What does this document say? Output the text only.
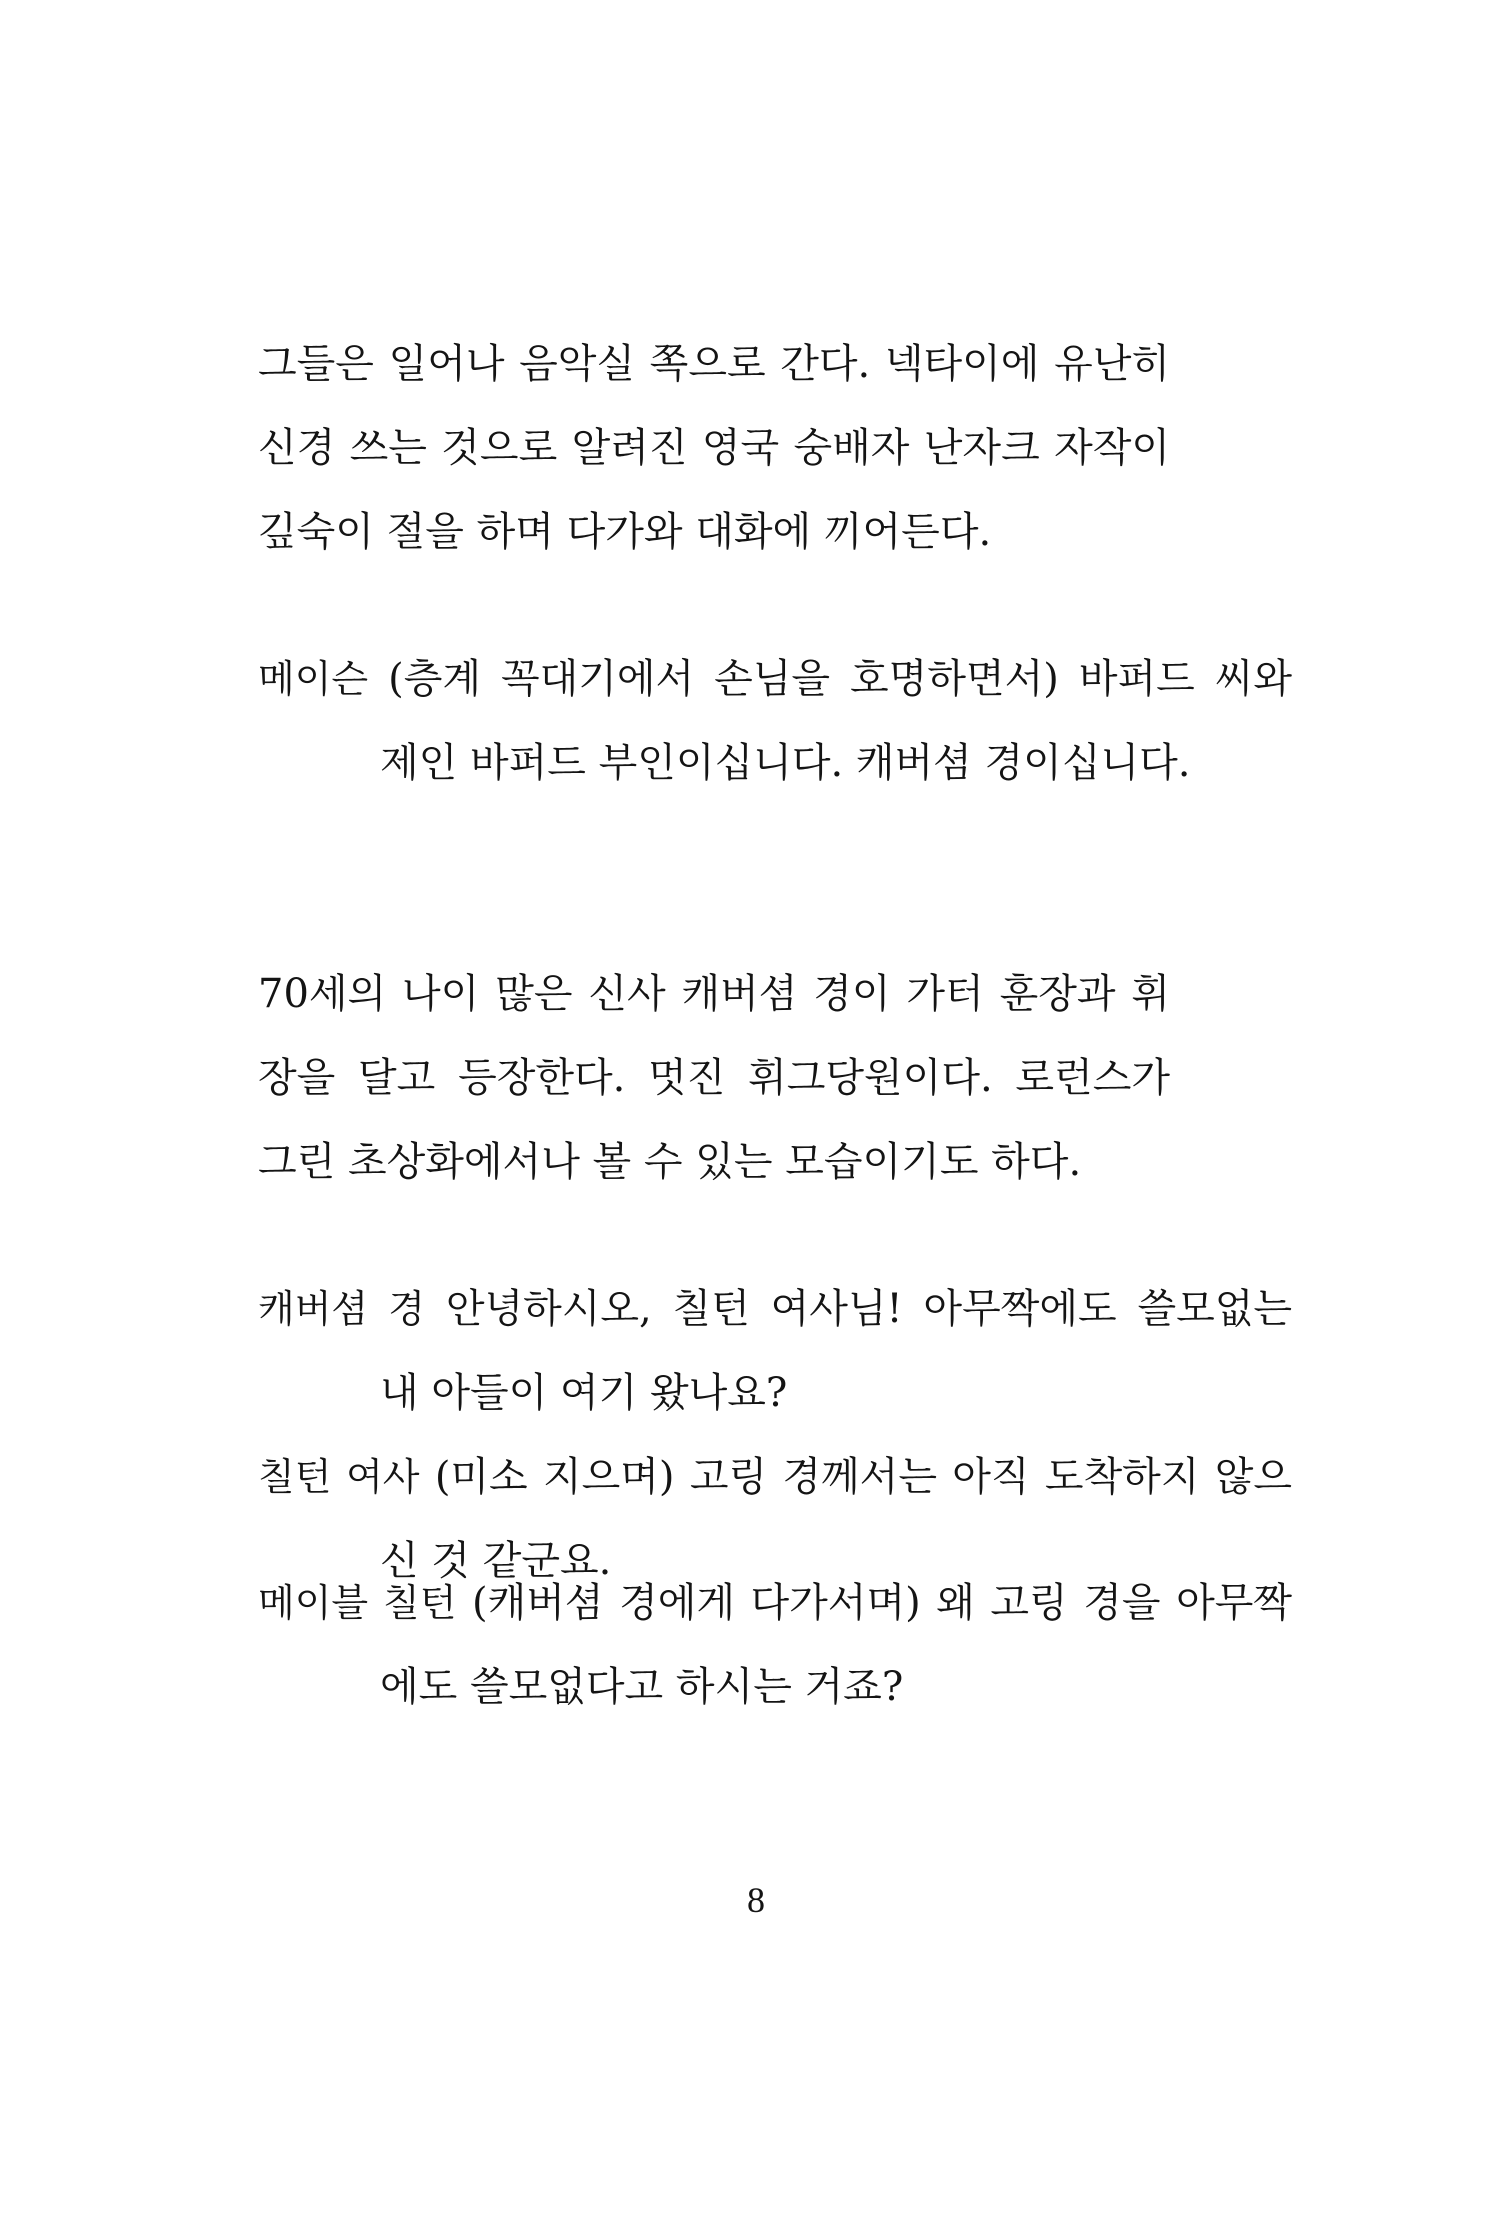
그들은 일어나 음악실 쪽으로 간다. 넥타이에 유난히 신경 쓰는 것으로 알려진 영국 숭배자 난자크 자작이 깊숙이 절을 하며 다가와 대화에 끼어든다.

메이슨 (층계 꼭대기에서 손님을 호명하면서) 바퍼드 씨와 제인 바퍼드 부인이십니다. 캐버셤 경이십니다.

70세의 나이 많은 신사 캐버셤 경이 가터 훈장과 휘장을 달고 등장한다. 멋진 휘그당원이다. 로런스가 그린 초상화에서나 볼 수 있는 모습이기도 하다.

캐버셤 경 안녕하시오, 칠턴 여사님! 아무짝에도 쓸모없는 내 아들이 여기 왔나요?

칠턴 여사 (미소 지으며) 고링 경께서는 아직 도착하지 않으신 것 같군요.

메이블 칠턴 (캐버셤 경에게 다가서며) 왜 고링 경을 아무짝에도 쓸모없다고 하시는 거죠?

8
